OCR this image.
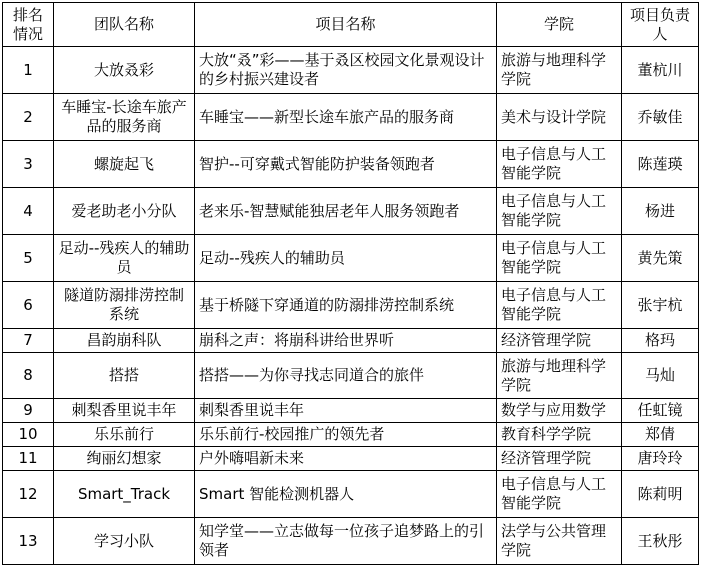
排名情况	团队名称	项目名称	学院	项目负责人
1	大放叒彩	大放“叒”彩——基于叒区校园文化景观设计的乡村振兴建设者	旅游与地理科学学院	董杭川
2	车睡宝-长途车旅产品的服务商	车睡宝——新型长途车旅产品的服务商	美术与设计学院	乔敏佳
3	螺旋起飞	智护--可穿戴式智能防护装备领跑者	电子信息与人工智能学院	陈莲瑛
4	爱老助老小分队	老来乐-智慧赋能独居老年人服务领跑者	电子信息与人工智能学院	杨进
5	足动--残疾人的辅助员	足动--残疾人的辅助员	电子信息与人工智能学院	黄先策
6	隧道防溺排涝控制系统	基于桥隧下穿通道的防溺排涝控制系统	电子信息与人工智能学院	张宇杭
7	昌韵崩科队	崩科之声：将崩科讲给世界听	经济管理学院	格玛
8	搭搭	搭搭——为你寻找志同道合的旅伴	旅游与地理科学学院	马灿
9	刺梨香里说丰年	刺梨香里说丰年	数学与应用数学	任虹镜
10	乐乐前行	乐乐前行-校园推广的领先者	教育科学学院	郑倩
11	绚丽幻想家	户外嗨唱新未来	经济管理学院	唐玲玲
12	Smart_Track	Smart 智能检测机器人	电子信息与人工智能学院	陈莉明
13	学习小队	知学堂——立志做每一位孩子追梦路上的引领者	法学与公共管理学院	王秋彤
